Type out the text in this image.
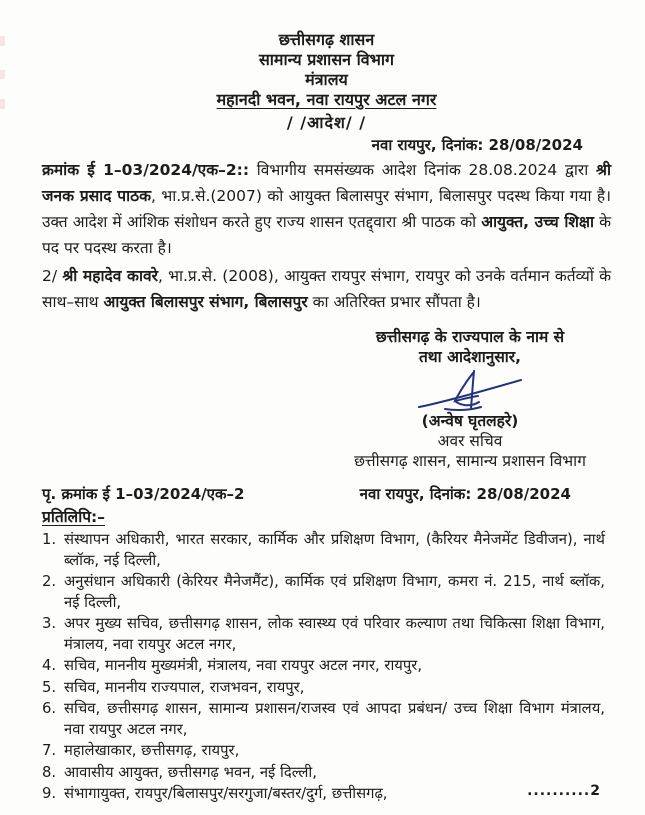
छत्तीसगढ़ शासन
सामान्य प्रशासन विभाग
मंत्रालय
महानदी भवन, नवा रायपुर अटल नगर
/ /आदेश/ /
नवा रायपुर, दिनांक: 28/08/2024
क्रमांक ई 1–03/2024/एक–2:: विभागीय समसंख्यक आदेश दिनांक 28.08.2024 द्वारा श्री जनक प्रसाद पाठक, भा.प्र.से.(2007) को आयुक्त बिलासपुर संभाग, बिलासपुर पदस्थ किया गया है। उक्त आदेश में आंशिक संशोधन करते हुए राज्य शासन एतद्द्वारा श्री पाठक को आयुक्त, उच्च शिक्षा के पद पर पदस्थ करता है।
2/ श्री महादेव कावरे, भा.प्र.से. (2008), आयुक्त रायपुर संभाग, रायपुर को उनके वर्तमान कर्तव्यों के साथ–साथ आयुक्त बिलासपुर संभाग, बिलासपुर का अतिरिक्त प्रभार सौंपता है।
छत्तीसगढ़ के राज्यपाल के नाम से
तथा आदेशानुसार,
(अन्वेष घृतलहरे)
अवर सचिव
छत्तीसगढ़ शासन, सामान्य प्रशासन विभाग
पृ. क्रमांक ई 1–03/2024/एक–2	नवा रायपुर, दिनांक: 28/08/2024
प्रतिलिपि:–
1. संस्थापन अधिकारी, भारत सरकार, कार्मिक और प्रशिक्षण विभाग, (कैरियर मैनेजमेंट डिवीजन), नार्थ ब्लॉक, नई दिल्ली,
2. अनुसंधान अधिकारी (केरियर मैनेजमैंट), कार्मिक एवं प्रशिक्षण विभाग, कमरा नं. 215, नार्थ ब्लॉक, नई दिल्ली,
3. अपर मुख्य सचिव, छत्तीसगढ़ शासन, लोक स्वास्थ्य एवं परिवार कल्याण तथा चिकित्सा शिक्षा विभाग, मंत्रालय, नवा रायपुर अटल नगर,
4. सचिव, माननीय मुख्यमंत्री, मंत्रालय, नवा रायपुर अटल नगर, रायपुर,
5. सचिव, माननीय राज्यपाल, राजभवन, रायपुर,
6. सचिव, छत्तीसगढ़ शासन, सामान्य प्रशासन/राजस्व एवं आपदा प्रबंधन/ उच्च शिक्षा विभाग मंत्रालय, नवा रायपुर अटल नगर,
7. महालेखाकार, छत्तीसगढ़, रायपुर,
8. आवासीय आयुक्त, छत्तीसगढ़ भवन, नई दिल्ली,
9. संभागायुक्त, रायपुर/बिलासपुर/सरगुजा/बस्तर/दुर्ग, छत्तीसगढ़,	..........2
